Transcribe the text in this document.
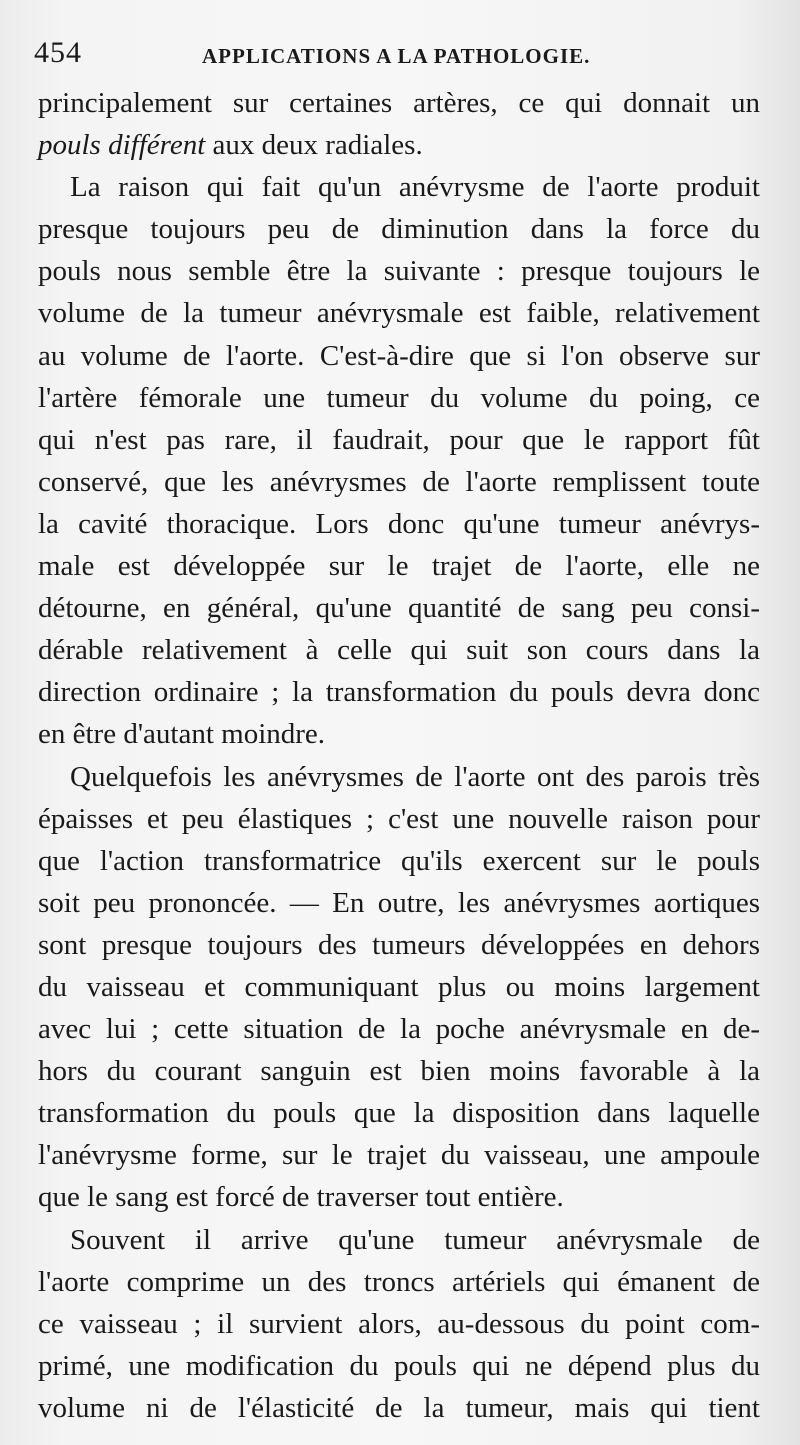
454	APPLICATIONS A LA PATHOLOGIE.
principalement sur certaines artères, ce qui donnait un
pouls différent aux deux radiales.
La raison qui fait qu'un anévrysme de l'aorte produit
presque toujours peu de diminution dans la force du
pouls nous semble être la suivante : presque toujours le
volume de la tumeur anévrysmale est faible, relativement
au volume de l'aorte. C'est-à-dire que si l'on observe sur
l'artère fémorale une tumeur du volume du poing, ce
qui n'est pas rare, il faudrait, pour que le rapport fût
conservé, que les anévrysmes de l'aorte remplissent toute
la cavité thoracique. Lors donc qu'une tumeur anévrys-
male est développée sur le trajet de l'aorte, elle ne
détourne, en général, qu'une quantité de sang peu consi-
dérable relativement à celle qui suit son cours dans la
direction ordinaire ; la transformation du pouls devra donc
en être d'autant moindre.
Quelquefois les anévrysmes de l'aorte ont des parois très
épaisses et peu élastiques ; c'est une nouvelle raison pour
que l'action transformatrice qu'ils exercent sur le pouls
soit peu prononcée. — En outre, les anévrysmes aortiques
sont presque toujours des tumeurs développées en dehors
du vaisseau et communiquant plus ou moins largement
avec lui ; cette situation de la poche anévrysmale en de-
hors du courant sanguin est bien moins favorable à la
transformation du pouls que la disposition dans laquelle
l'anévrysme forme, sur le trajet du vaisseau, une ampoule
que le sang est forcé de traverser tout entière.
Souvent il arrive qu'une tumeur anévrysmale de
l'aorte comprime un des troncs artériels qui émanent de
ce vaisseau ; il survient alors, au-dessous du point com-
primé, une modification du pouls qui ne dépend plus du
volume ni de l'élasticité de la tumeur, mais qui tient
